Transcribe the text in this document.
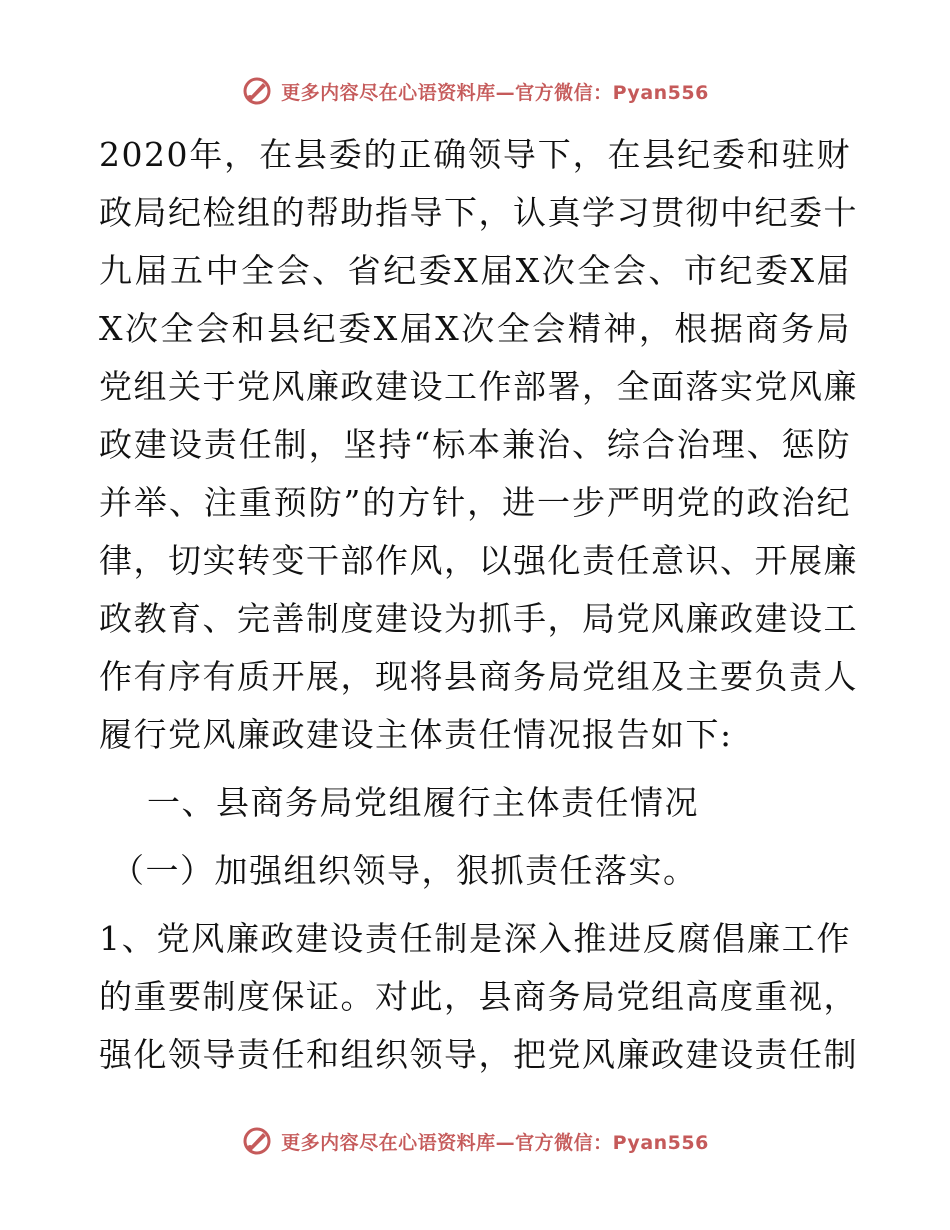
更多内容尽在心语资料库—官方微信：Pyan556
2020年，在县委的正确领导下，在县纪委和驻财
政局纪检组的帮助指导下，认真学习贯彻中纪委十
九届五中全会、省纪委X届X次全会、市纪委X届
X次全会和县纪委X届X次全会精神，根据商务局
党组关于党风廉政建设工作部署，全面落实党风廉
政建设责任制，坚持“标本兼治、综合治理、惩防
并举、注重预防”的方针，进一步严明党的政治纪
律，切实转变干部作风，以强化责任意识、开展廉
政教育、完善制度建设为抓手，局党风廉政建设工
作有序有质开展，现将县商务局党组及主要负责人
履行党风廉政建设主体责任情况报告如下:
一、县商务局党组履行主体责任情况
（一）加强组织领导，狠抓责任落实。
1、党风廉政建设责任制是深入推进反腐倡廉工作
的重要制度保证。对此，县商务局党组高度重视，
强化领导责任和组织领导，把党风廉政建设责任制
更多内容尽在心语资料库—官方微信：Pyan556
